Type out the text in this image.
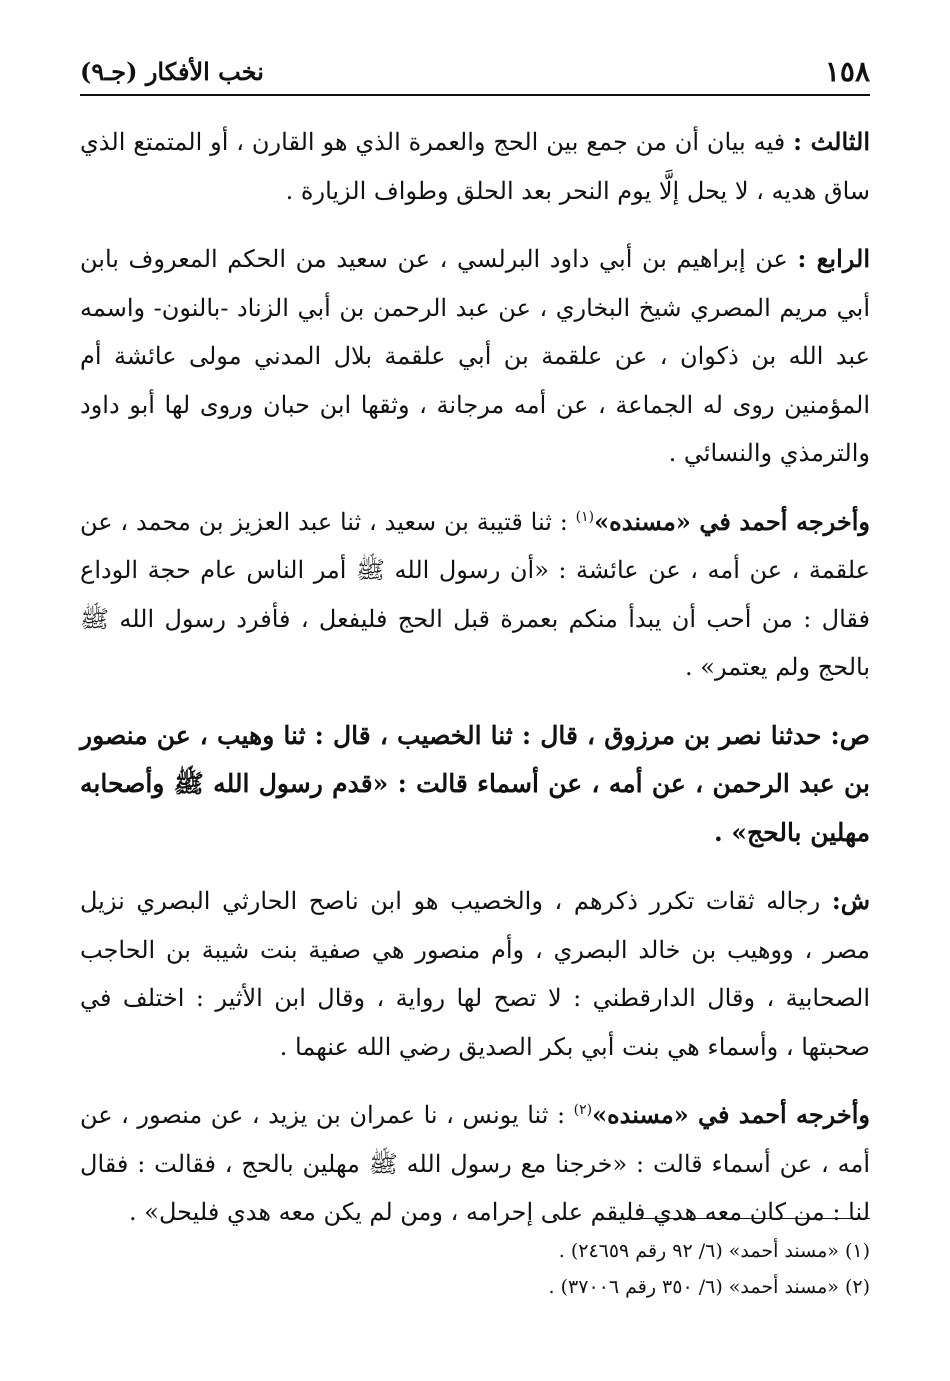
١٥٨
نخب الأفكار (جـ٩)

الثالث : فيه بيان أن من جمع بين الحج والعمرة الذي هو القارن ، أو المتمتع الذي ساق هديه ، لا يحل إلَّا يوم النحر بعد الحلق وطواف الزيارة .

الرابع : عن إبراهيم بن أبي داود البرلسي ، عن سعيد من الحكم المعروف بابن أبي مريم المصري شيخ البخاري ، عن عبد الرحمن بن أبي الزناد -بالنون- واسمه عبد الله بن ذكوان ، عن علقمة بن أبي علقمة بلال المدني مولى عائشة أم المؤمنين روى له الجماعة ، عن أمه مرجانة ، وثقها ابن حبان وروى لها أبو داود والترمذي والنسائي .

وأخرجه أحمد في «مسنده»$^{(١)}$ : ثنا قتيبة بن سعيد ، ثنا عبد العزيز بن محمد ، عن علقمة ، عن أمه ، عن عائشة : «أن رسول الله ﷺ أمر الناس عام حجة الوداع فقال : من أحب أن يبدأ منكم بعمرة قبل الحج فليفعل ، فأفرد رسول الله ﷺ بالحج ولم يعتمر» .

ص: حدثنا نصر بن مرزوق ، قال : ثنا الخصيب ، قال : ثنا وهيب ، عن منصور بن عبد الرحمن ، عن أمه ، عن أسماء قالت : «قدم رسول الله ﷺ وأصحابه مهلين بالحج» .

ش: رجاله ثقات تكرر ذكرهم ، والخصيب هو ابن ناصح الحارثي البصري نزيل مصر ، ووهيب بن خالد البصري ، وأم منصور هي صفية بنت شيبة بن الحاجب الصحابية ، وقال الدارقطني : لا تصح لها رواية ، وقال ابن الأثير : اختلف في صحبتها ، وأسماء هي بنت أبي بكر الصديق رضي الله عنهما .

وأخرجه أحمد في «مسنده»$^{(٢)}$ : ثنا يونس ، نا عمران بن يزيد ، عن منصور ، عن أمه ، عن أسماء قالت : «خرجنا مع رسول الله ﷺ مهلين بالحج ، فقالت : فقال لنا : من كان معه هدي فليقم على إحرامه ، ومن لم يكن معه هدي فليحل» .

(١) «مسند أحمد» (٦/ ٩٢ رقم ٢٤٦٥٩) .

(٢) «مسند أحمد» (٦/ ٣٥٠ رقم ٣٧٠٠٦) .
